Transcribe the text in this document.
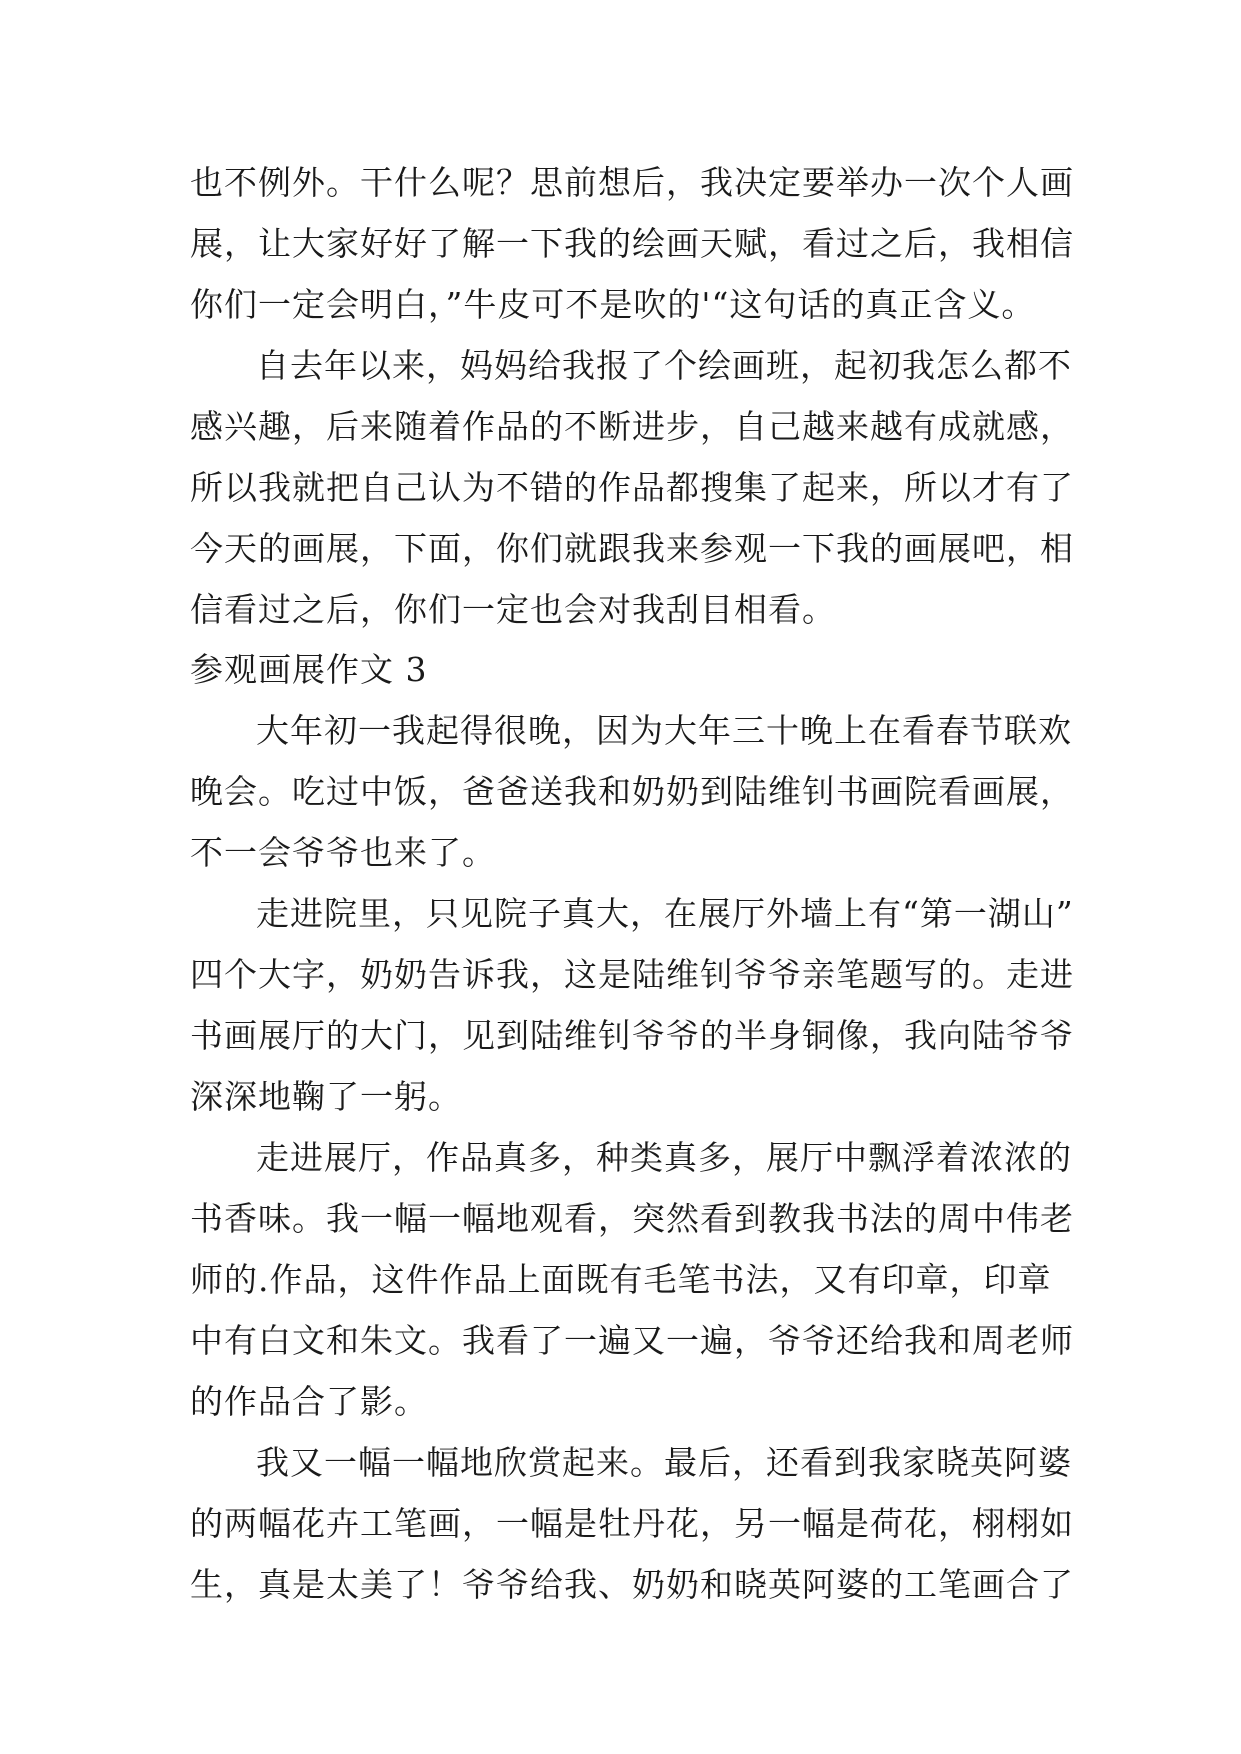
也不例外。干什么呢？思前想后，我决定要举办一次个人画
展，让大家好好了解一下我的绘画天赋，看过之后，我相信
你们一定会明白，”牛皮可不是吹的'“这句话的真正含义。
自去年以来，妈妈给我报了个绘画班，起初我怎么都不
感兴趣，后来随着作品的不断进步，自己越来越有成就感，
所以我就把自己认为不错的作品都搜集了起来，所以才有了
今天的画展，下面，你们就跟我来参观一下我的画展吧，相
信看过之后，你们一定也会对我刮目相看。
参观画展作文 3
大年初一我起得很晚，因为大年三十晚上在看春节联欢
晚会。吃过中饭，爸爸送我和奶奶到陆维钊书画院看画展，
不一会爷爷也来了。
走进院里，只见院子真大，在展厅外墙上有“第一湖山”
四个大字，奶奶告诉我，这是陆维钊爷爷亲笔题写的。走进
书画展厅的大门，见到陆维钊爷爷的半身铜像，我向陆爷爷
深深地鞠了一躬。
走进展厅，作品真多，种类真多，展厅中飘浮着浓浓的
书香味。我一幅一幅地观看，突然看到教我书法的周中伟老
师的.作品，这件作品上面既有毛笔书法，又有印章，印章
中有白文和朱文。我看了一遍又一遍，爷爷还给我和周老师
的作品合了影。
我又一幅一幅地欣赏起来。最后，还看到我家晓英阿婆
的两幅花卉工笔画，一幅是牡丹花，另一幅是荷花，栩栩如
生，真是太美了！爷爷给我、奶奶和晓英阿婆的工笔画合了
